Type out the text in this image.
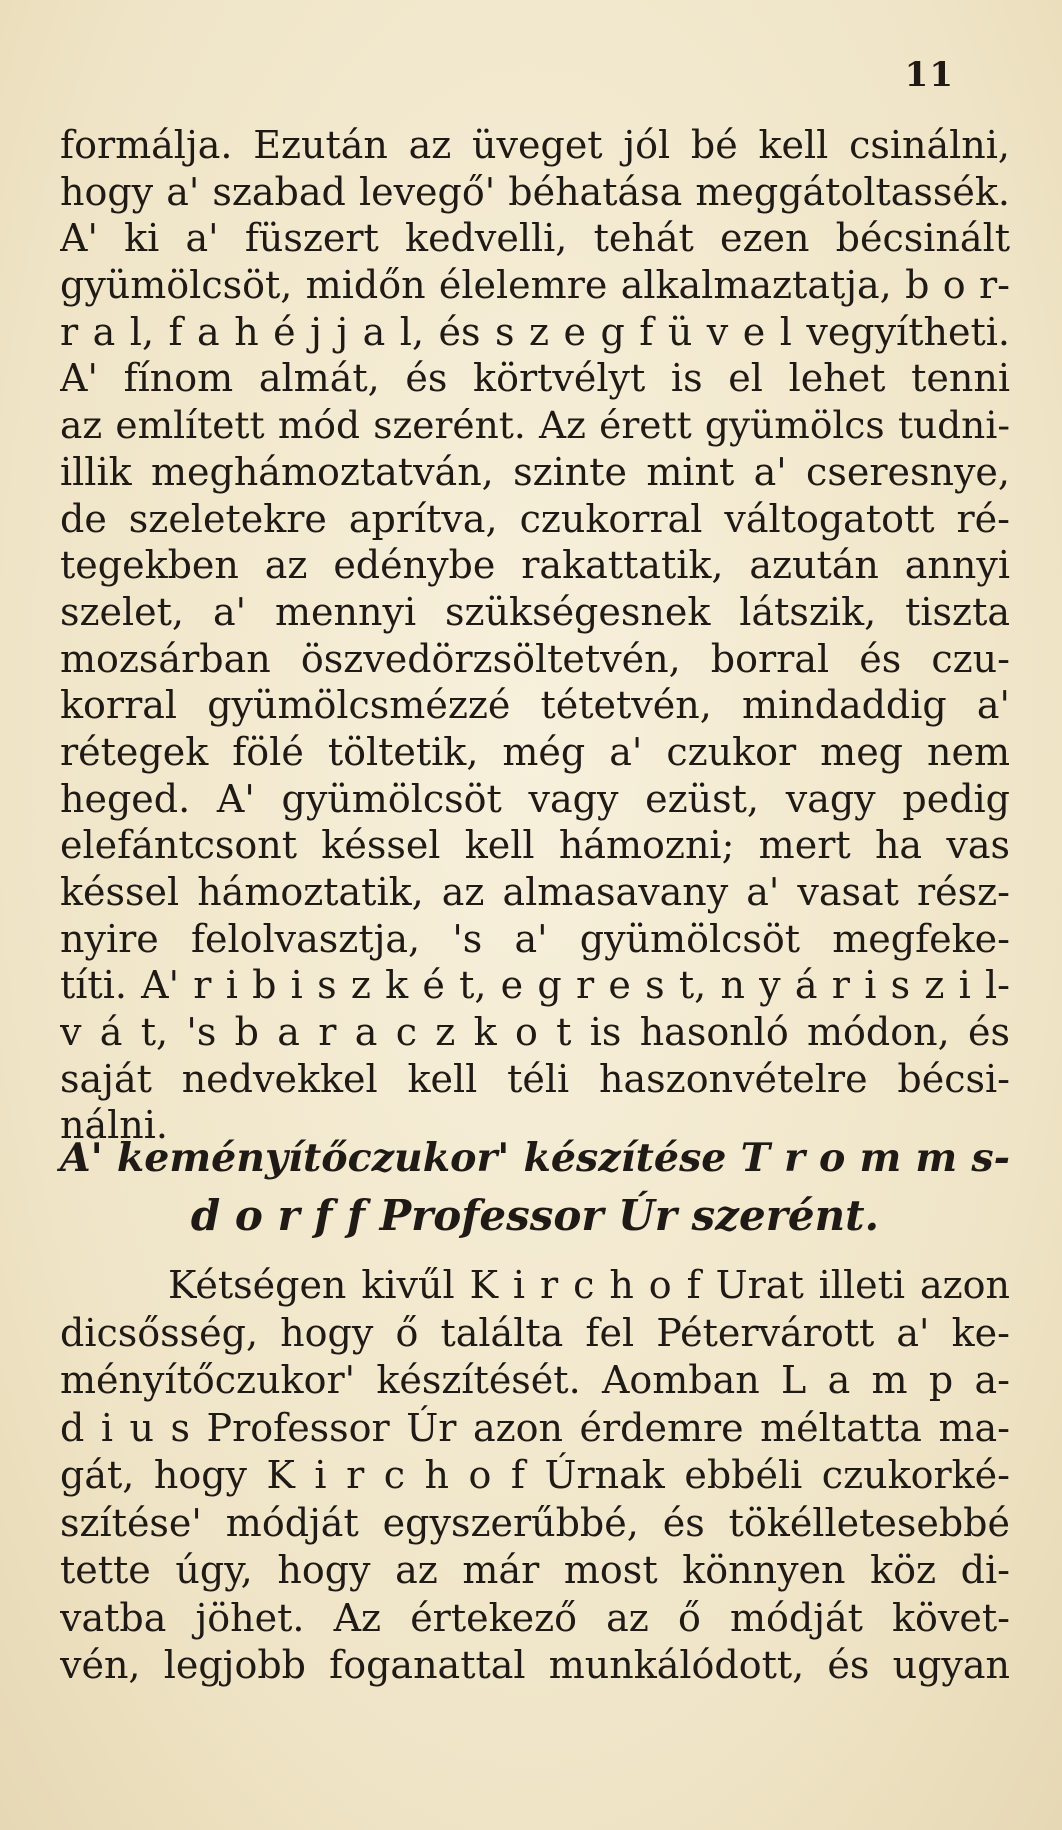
11
formálja. Ezután az üveget jól bé kell csinálni,
hogy a' szabad levegő' béhatása meggátoltassék.
A' ki a' füszert kedvelli, tehát ezen bécsinált
gyümölcsöt, midőn élelemre alkalmaztatja, b o r-
r a l, f a h é j j a l, és s z e g f ü v e l vegyítheti.
A' fínom almát, és körtvélyt is el lehet tenni
az említett mód szerént. Az érett gyümölcs tudni-
illik meghámoztatván, szinte mint a' cseresnye,
de szeletekre aprítva, czukorral váltogatott ré-
tegekben az edénybe rakattatik, azután annyi
szelet, a' mennyi szükségesnek látszik, tiszta
mozsárban öszvedörzsöltetvén, borral és czu-
korral gyümölcsmézzé tétetvén, mindaddig a'
rétegek fölé töltetik, még a' czukor meg nem
heged. A' gyümölcsöt vagy ezüst, vagy pedig
elefántcsont késsel kell hámozni; mert ha vas
késsel hámoztatik, az almasavany a' vasat rész-
nyire felolvasztja, 's a' gyümölcsöt megfeke-
títi. A' r i b i s z k é t, e g r e s t, n y á r i s z i l-
v á t, 's b a r a c z k o t is hasonló módon, és
saját nedvekkel kell téli haszonvételre bécsi-
nálni.
A' keményítőczukor' készítése T r o m m s-
d o r f f Professor Úr szerént.
Kétségen kivűl K i r c h o f Urat illeti azon
dicsősség, hogy ő találta fel Pétervárott a' ke-
ményítőczukor' készítését. Aomban L a m p a-
d i u s Professor Úr azon érdemre méltatta ma-
gát, hogy K i r c h o f Úrnak ebbéli czukorké-
szítése' módját egyszerűbbé, és tökélletesebbé
tette úgy, hogy az már most könnyen köz di-
vatba jöhet. Az értekező az ő módját követ-
vén, legjobb foganattal munkálódott, és ugyan
